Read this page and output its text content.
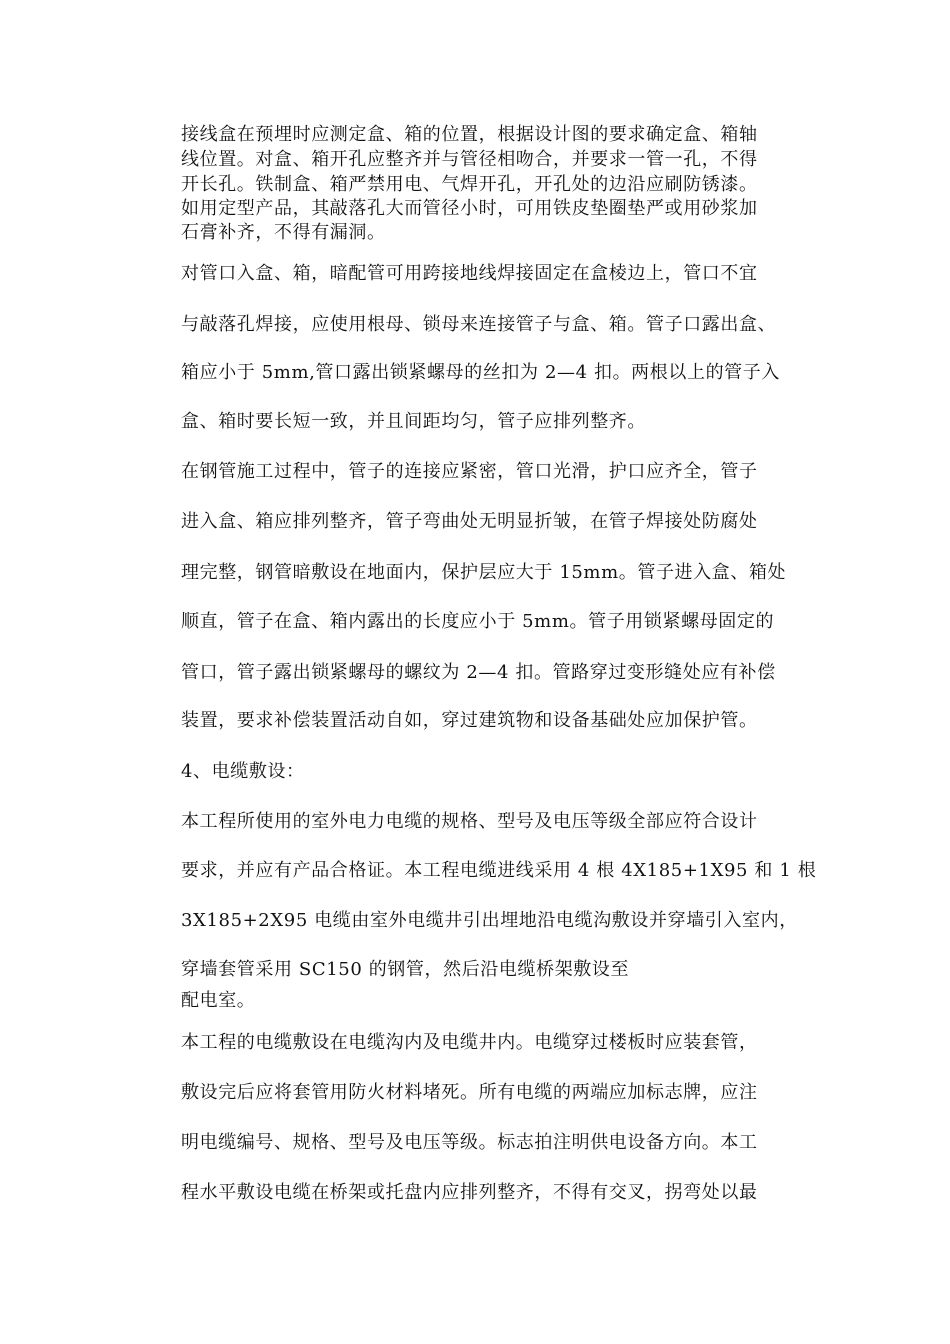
接线盒在预埋时应测定盒、箱的位置，根据设计图的要求确定盒、箱轴

线位置。对盒、箱开孔应整齐并与管径相吻合，并要求一管一孔，不得

开长孔。铁制盒、箱严禁用电、气焊开孔，开孔处的边沿应刷防锈漆。

如用定型产品，其敲落孔大而管径小时，可用铁皮垫圈垫严或用砂浆加

石膏补齐，不得有漏洞。

对管口入盒、箱，暗配管可用跨接地线焊接固定在盒棱边上，管口不宜

与敲落孔焊接，应使用根母、锁母来连接管子与盒、箱。管子口露出盒、

箱应小于 5mm,管口露出锁紧螺母的丝扣为 2—4 扣。两根以上的管子入

盒、箱时要长短一致，并且间距均匀，管子应排列整齐。

在钢管施工过程中，管子的连接应紧密，管口光滑，护口应齐全，管子

进入盒、箱应排列整齐，管子弯曲处无明显折皱，在管子焊接处防腐处

理完整，钢管暗敷设在地面内，保护层应大于 15mm。管子进入盒、箱处

顺直，管子在盒、箱内露出的长度应小于 5mm。管子用锁紧螺母固定的

管口，管子露出锁紧螺母的螺纹为 2—4 扣。管路穿过变形缝处应有补偿

装置，要求补偿装置活动自如，穿过建筑物和设备基础处应加保护管。

4、电缆敷设：

本工程所使用的室外电力电缆的规格、型号及电压等级全部应符合设计

要求，并应有产品合格证。本工程电缆进线采用 4 根 4X185+1X95 和 1 根

3X185+2X95 电缆由室外电缆井引出埋地沿电缆沟敷设并穿墙引入室内，

穿墙套管采用 SC150 的钢管，然后沿电缆桥架敷设至

配电室。

本工程的电缆敷设在电缆沟内及电缆井内。电缆穿过楼板时应装套管，

敷设完后应将套管用防火材料堵死。所有电缆的两端应加标志牌，应注

明电缆编号、规格、型号及电压等级。标志拍注明供电设备方向。本工

程水平敷设电缆在桥架或托盘内应排列整齐，不得有交叉，拐弯处以最
